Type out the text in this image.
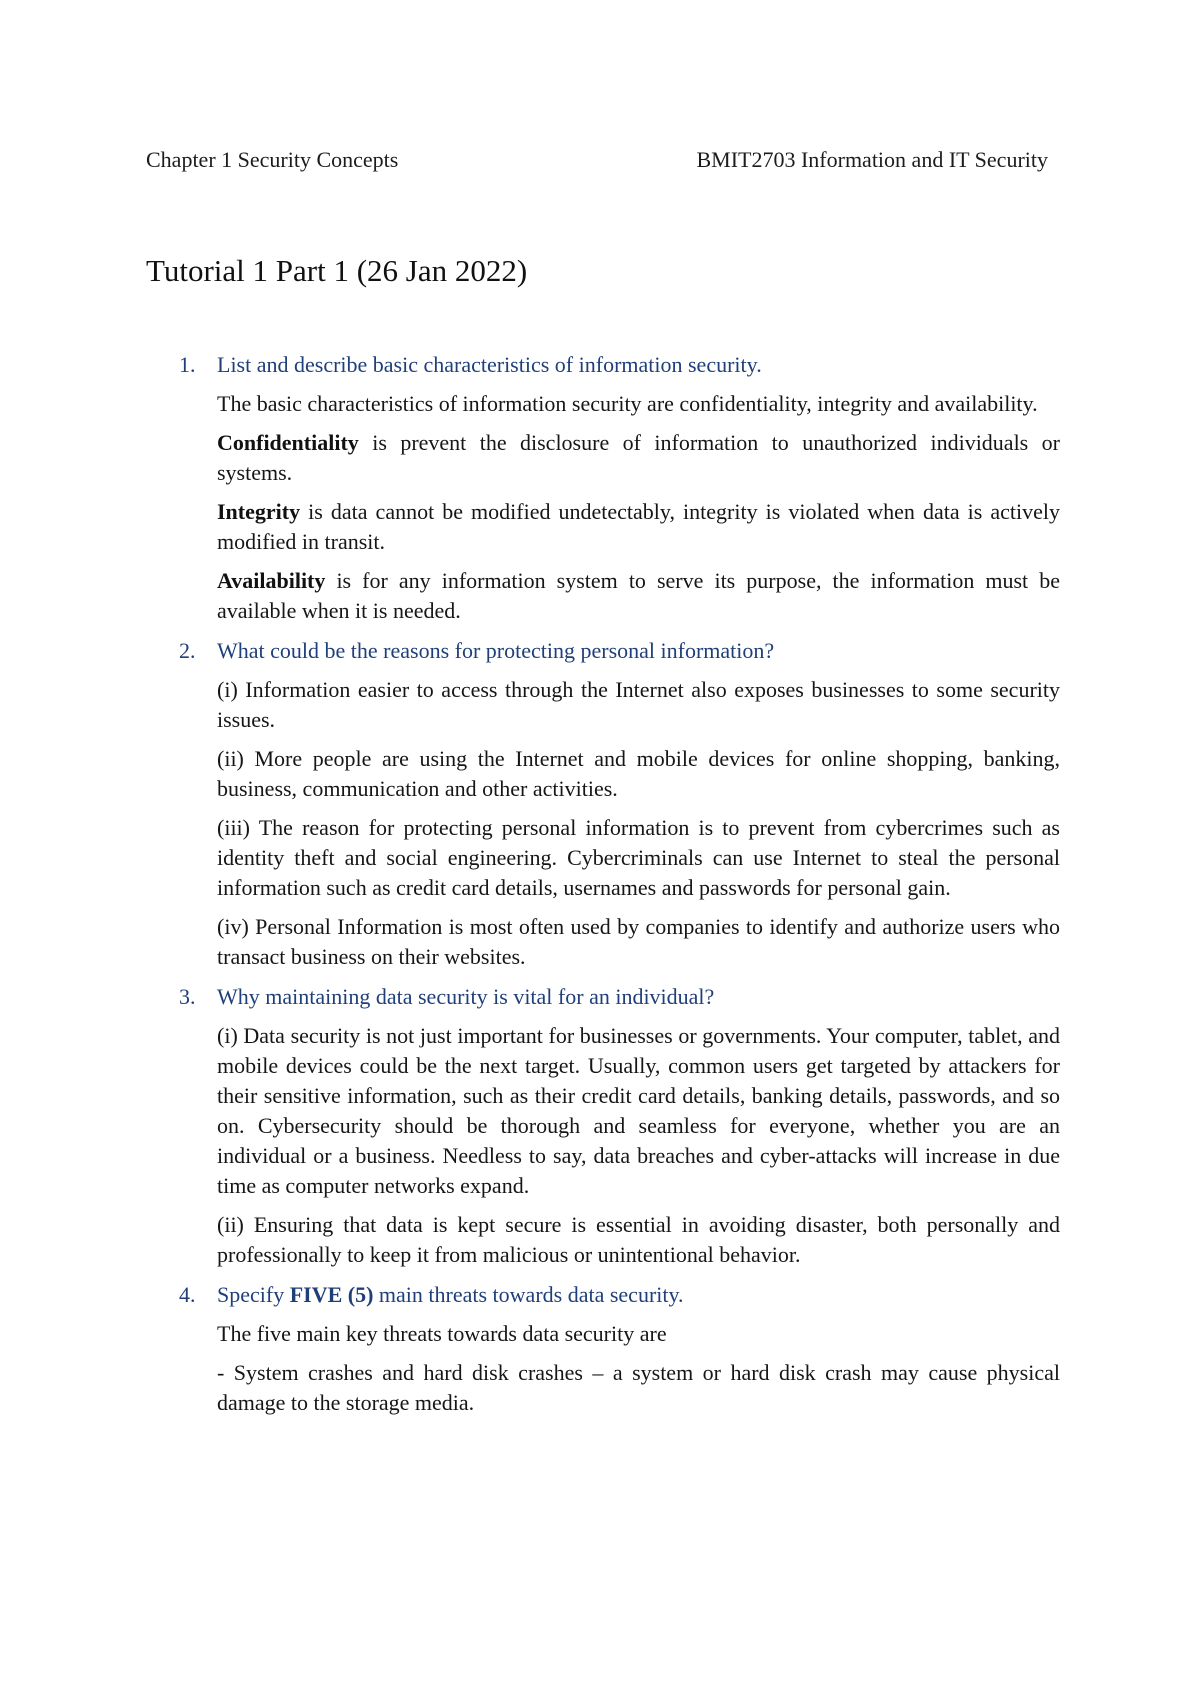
Chapter 1 Security Concepts	BMIT2703 Information and IT Security
Tutorial 1 Part 1 (26 Jan 2022)
1. List and describe basic characteristics of information security.

The basic characteristics of information security are confidentiality, integrity and availability.

Confidentiality is prevent the disclosure of information to unauthorized individuals or systems.

Integrity is data cannot be modified undetectably, integrity is violated when data is actively modified in transit.

Availability is for any information system to serve its purpose, the information must be available when it is needed.

2. What could be the reasons for protecting personal information?

(i) Information easier to access through the Internet also exposes businesses to some security issues.

(ii) More people are using the Internet and mobile devices for online shopping, banking, business, communication and other activities.

(iii) The reason for protecting personal information is to prevent from cybercrimes such as identity theft and social engineering. Cybercriminals can use Internet to steal the personal information such as credit card details, usernames and passwords for personal gain.

(iv) Personal Information is most often used by companies to identify and authorize users who transact business on their websites.

3. Why maintaining data security is vital for an individual?

(i) Data security is not just important for businesses or governments. Your computer, tablet, and mobile devices could be the next target. Usually, common users get targeted by attackers for their sensitive information, such as their credit card details, banking details, passwords, and so on. Cybersecurity should be thorough and seamless for everyone, whether you are an individual or a business. Needless to say, data breaches and cyber-attacks will increase in due time as computer networks expand.

(ii) Ensuring that data is kept secure is essential in avoiding disaster, both personally and professionally to keep it from malicious or unintentional behavior.

4. Specify FIVE (5) main threats towards data security.

The five main key threats towards data security are

- System crashes and hard disk crashes – a system or hard disk crash may cause physical damage to the storage media.
